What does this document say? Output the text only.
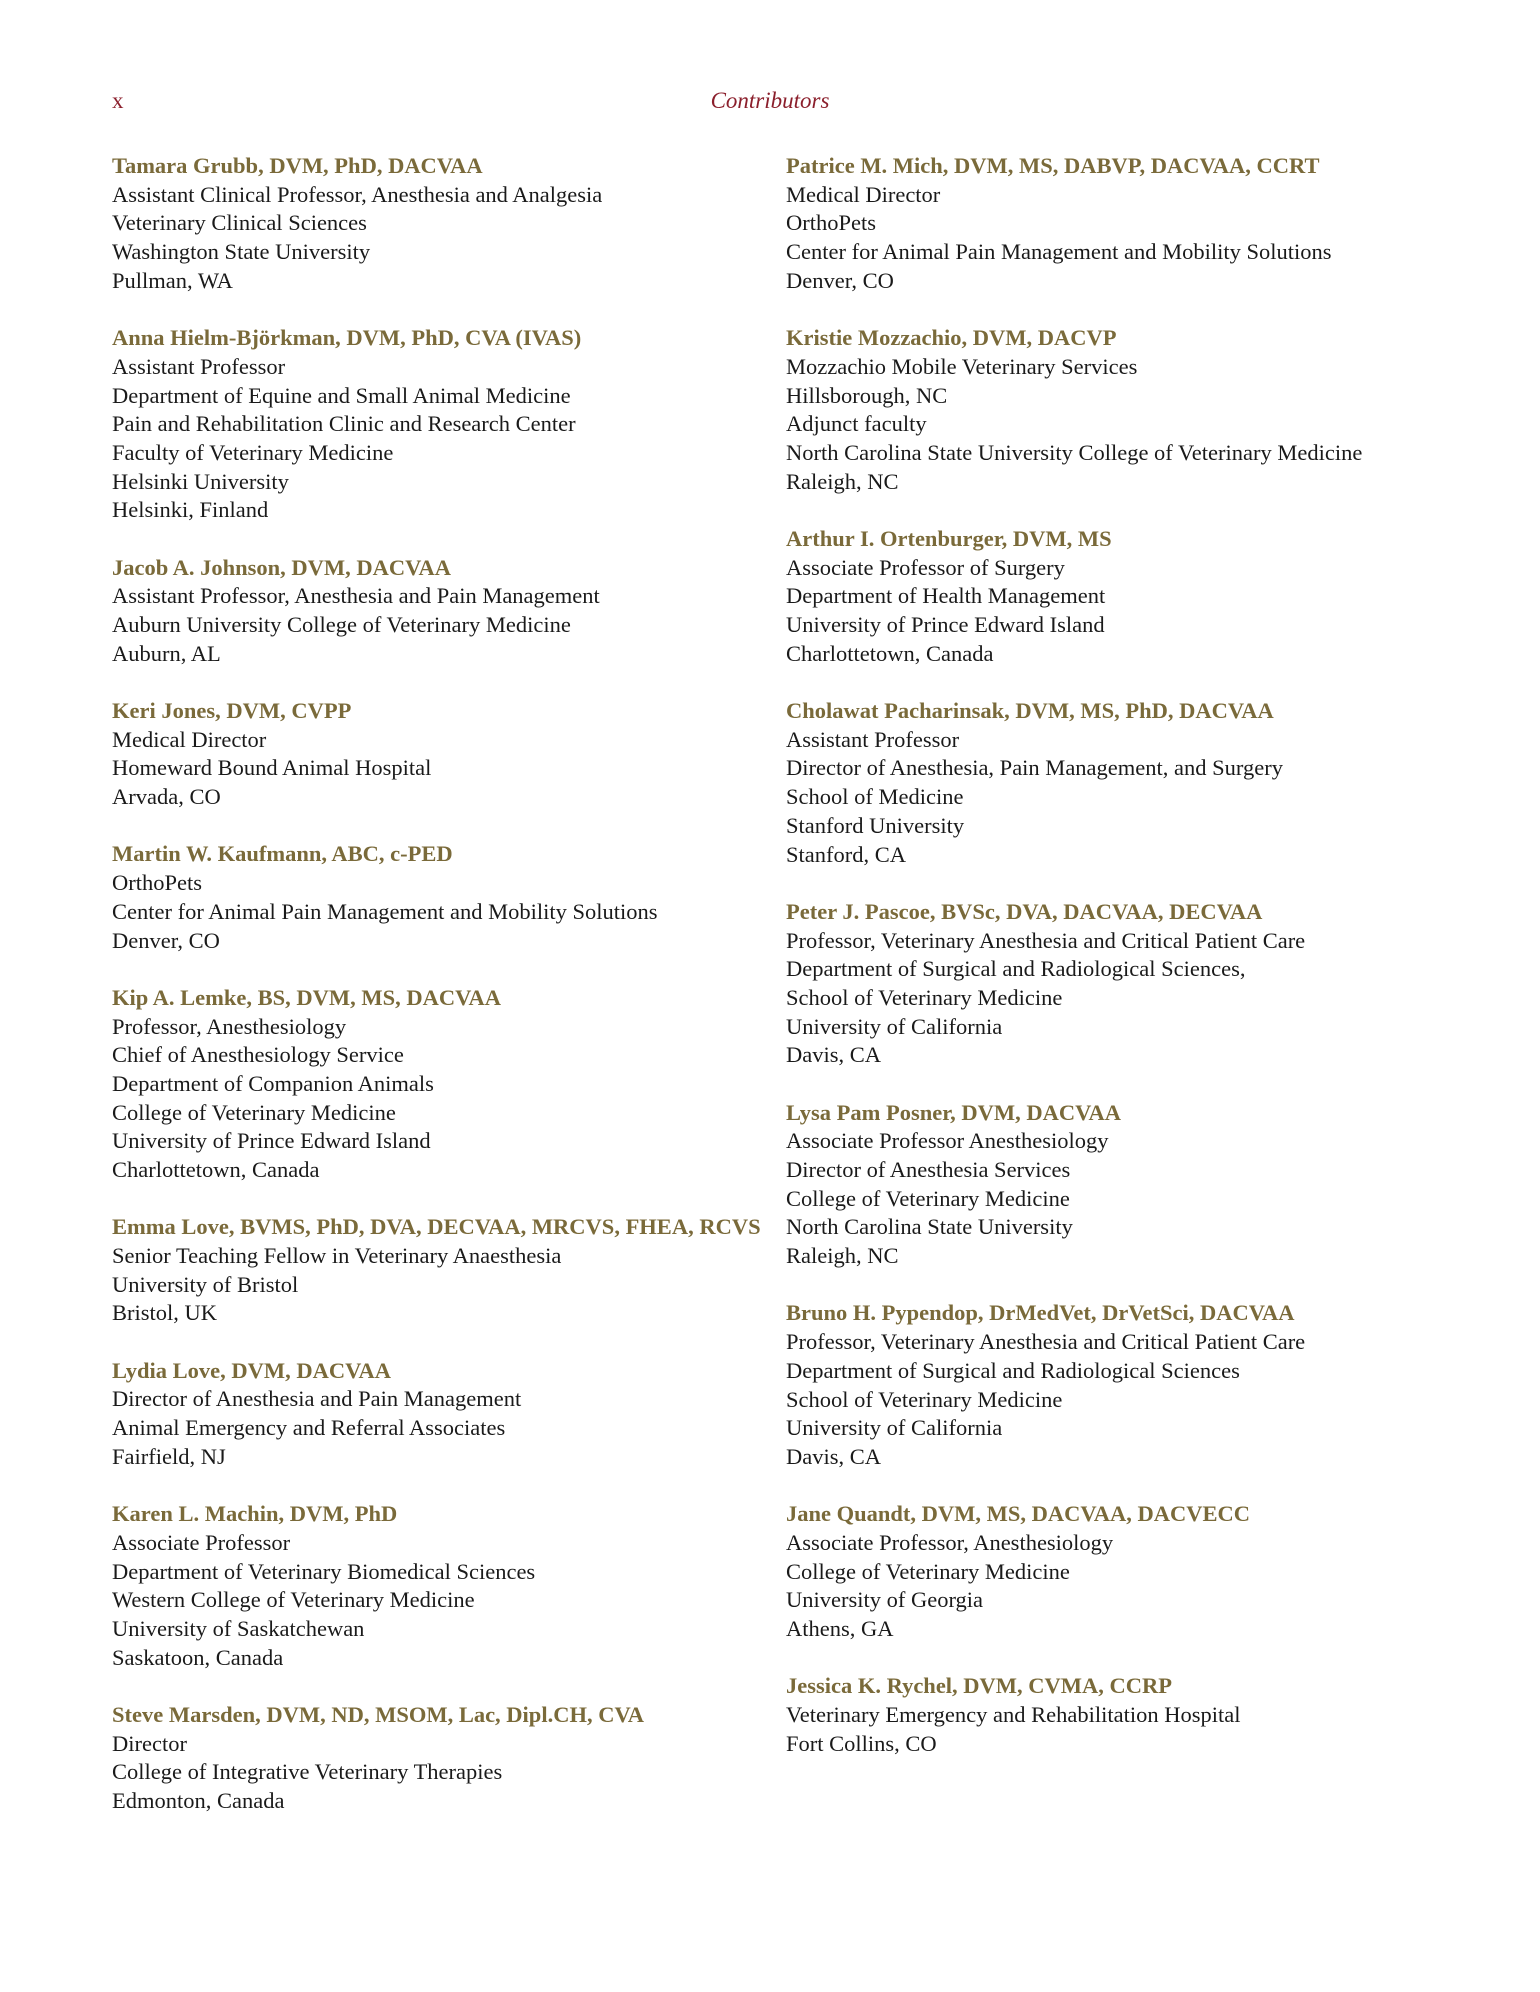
x	Contributors
Tamara Grubb, DVM, PhD, DACVAA
Assistant Clinical Professor, Anesthesia and Analgesia
Veterinary Clinical Sciences
Washington State University
Pullman, WA
Anna Hielm-Björkman, DVM, PhD, CVA (IVAS)
Assistant Professor
Department of Equine and Small Animal Medicine
Pain and Rehabilitation Clinic and Research Center
Faculty of Veterinary Medicine
Helsinki University
Helsinki, Finland
Jacob A. Johnson, DVM, DACVAA
Assistant Professor, Anesthesia and Pain Management
Auburn University College of Veterinary Medicine
Auburn, AL
Keri Jones, DVM, CVPP
Medical Director
Homeward Bound Animal Hospital
Arvada, CO
Martin W. Kaufmann, ABC, c-PED
OrthoPets
Center for Animal Pain Management and Mobility Solutions
Denver, CO
Kip A. Lemke, BS, DVM, MS, DACVAA
Professor, Anesthesiology
Chief of Anesthesiology Service
Department of Companion Animals
College of Veterinary Medicine
University of Prince Edward Island
Charlottetown, Canada
Emma Love, BVMS, PhD, DVA, DECVAA, MRCVS, FHEA, RCVS
Senior Teaching Fellow in Veterinary Anaesthesia
University of Bristol
Bristol, UK
Lydia Love, DVM, DACVAA
Director of Anesthesia and Pain Management
Animal Emergency and Referral Associates
Fairfield, NJ
Karen L. Machin, DVM, PhD
Associate Professor
Department of Veterinary Biomedical Sciences
Western College of Veterinary Medicine
University of Saskatchewan
Saskatoon, Canada
Steve Marsden, DVM, ND, MSOM, Lac, Dipl.CH, CVA
Director
College of Integrative Veterinary Therapies
Edmonton, Canada
Patrice M. Mich, DVM, MS, DABVP, DACVAA, CCRT
Medical Director
OrthoPets
Center for Animal Pain Management and Mobility Solutions
Denver, CO
Kristie Mozzachio, DVM, DACVP
Mozzachio Mobile Veterinary Services
Hillsborough, NC
Adjunct faculty
North Carolina State University College of Veterinary Medicine
Raleigh, NC
Arthur I. Ortenburger, DVM, MS
Associate Professor of Surgery
Department of Health Management
University of Prince Edward Island
Charlottetown, Canada
Cholawat Pacharinsak, DVM, MS, PhD, DACVAA
Assistant Professor
Director of Anesthesia, Pain Management, and Surgery
School of Medicine
Stanford University
Stanford, CA
Peter J. Pascoe, BVSc, DVA, DACVAA, DECVAA
Professor, Veterinary Anesthesia and Critical Patient Care
Department of Surgical and Radiological Sciences,
School of Veterinary Medicine
University of California
Davis, CA
Lysa Pam Posner, DVM, DACVAA
Associate Professor Anesthesiology
Director of Anesthesia Services
College of Veterinary Medicine
North Carolina State University
Raleigh, NC
Bruno H. Pypendop, DrMedVet, DrVetSci, DACVAA
Professor, Veterinary Anesthesia and Critical Patient Care
Department of Surgical and Radiological Sciences
School of Veterinary Medicine
University of California
Davis, CA
Jane Quandt, DVM, MS, DACVAA, DACVECC
Associate Professor, Anesthesiology
College of Veterinary Medicine
University of Georgia
Athens, GA
Jessica K. Rychel, DVM, CVMA, CCRP
Veterinary Emergency and Rehabilitation Hospital
Fort Collins, CO
